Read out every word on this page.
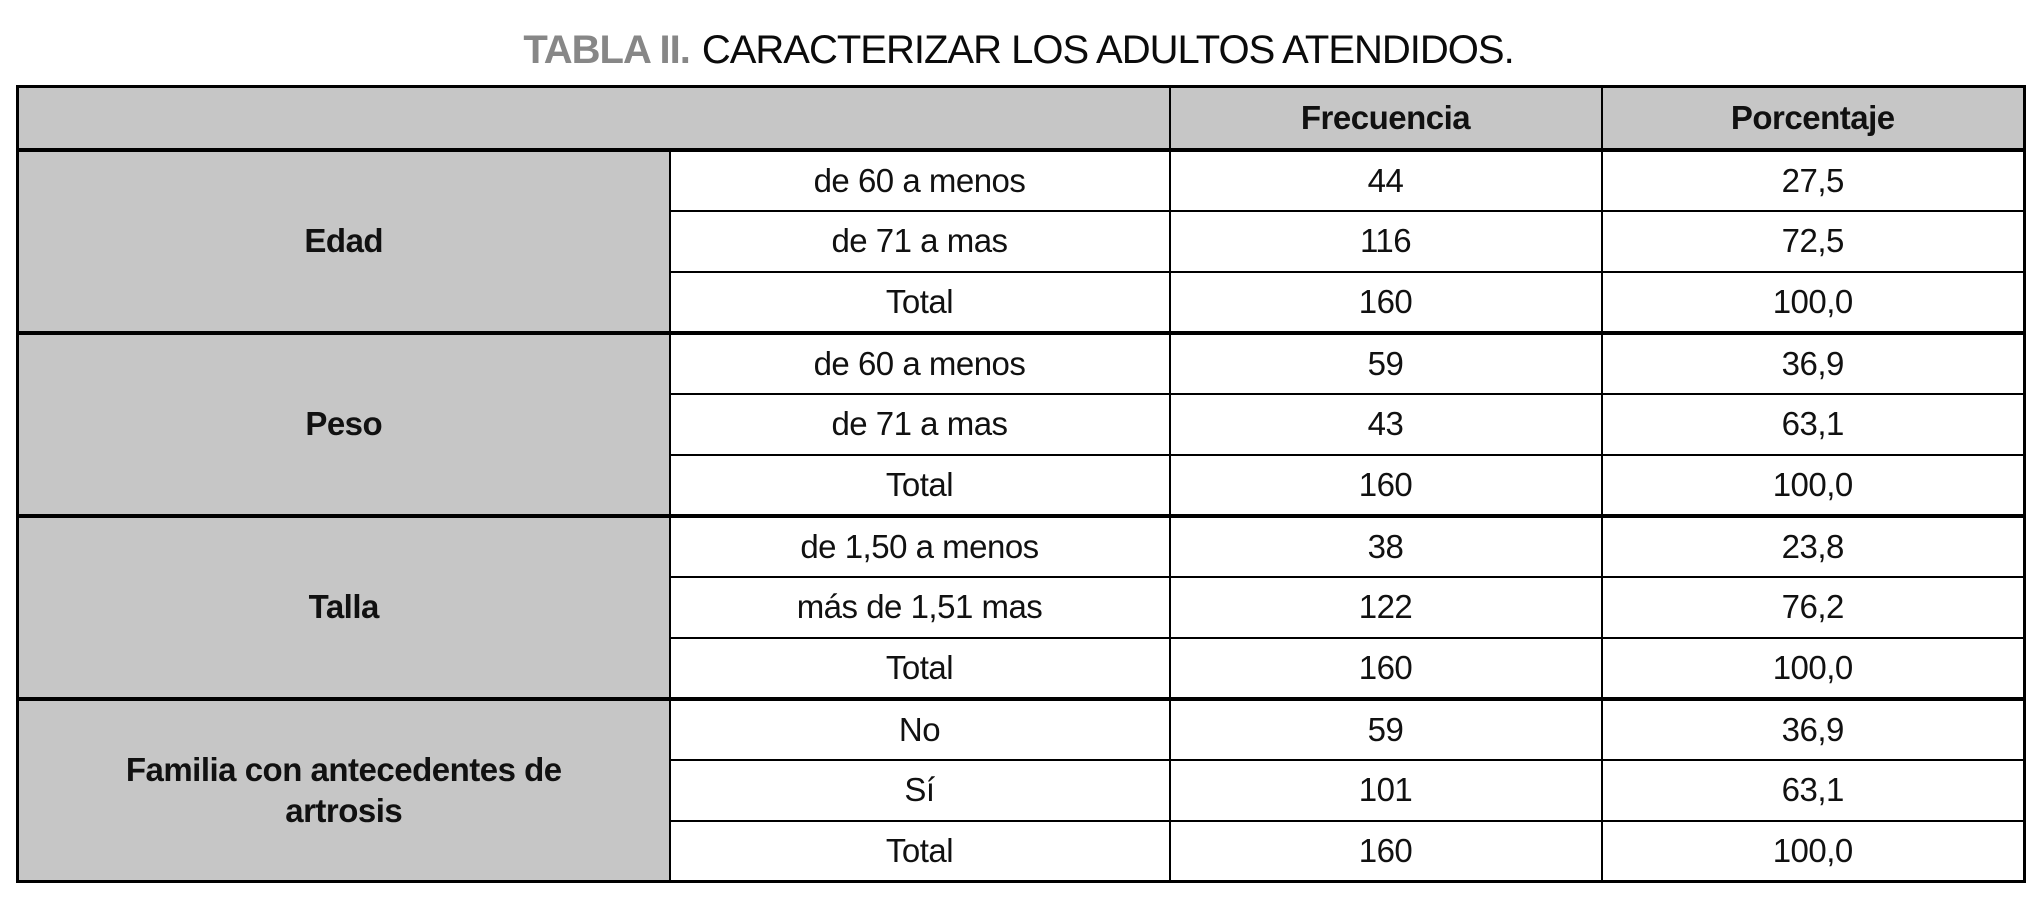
TABLA II. CARACTERIZAR LOS ADULTOS ATENDIDOS.
		Frecuencia	Porcentaje
Edad	de 60 a menos	44	27,5
	de 71 a mas	116	72,5
	Total	160	100,0
Peso	de 60 a menos	59	36,9
	de 71 a mas	43	63,1
	Total	160	100,0
Talla	de 1,50 a menos	38	23,8
	más de 1,51 mas	122	76,2
	Total	160	100,0
Familia con antecedentes de artrosis	No	59	36,9
	Sí	101	63,1
	Total	160	100,0
